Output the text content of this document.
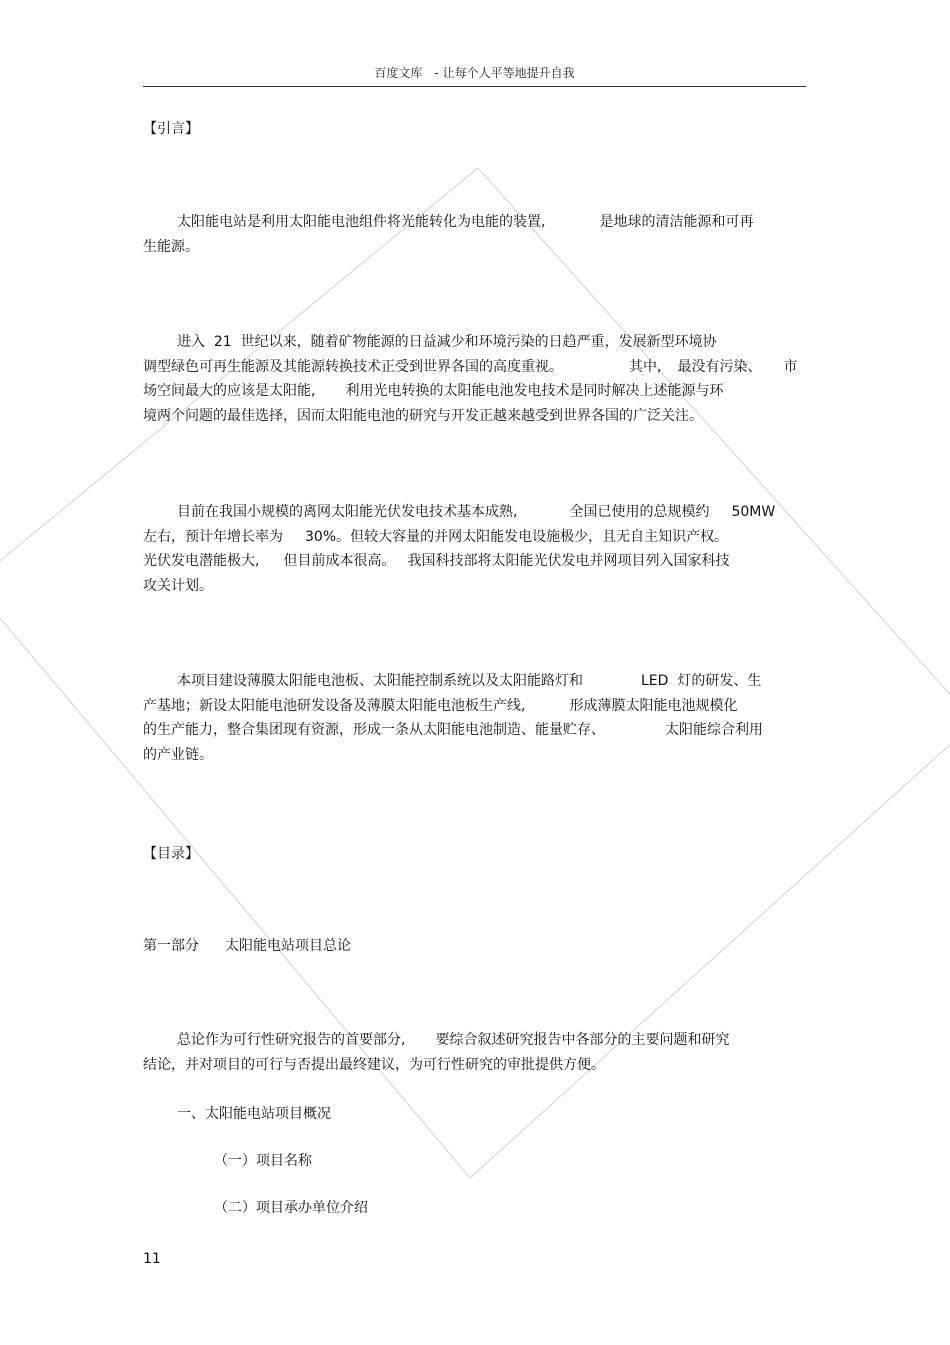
百度文库　- 让每个人平等地提升自我
【引言】
太阳能电站是利用太阳能电池组件将光能转化为电能的装置,	是地球的清洁能源和可再
生能源。
进入  21  世纪以来，随着矿物能源的日益减少和环境污染的日趋严重，发展新型环境协
调型绿色可再生能源及其能源转换技术正受到世界各国的高度重视。	其中, 最没有污染、 市
场空间最大的应该是太阳能, 利用光电转换的太阳能电池发电技术是同时解决上述能源与环
境两个问题的最佳选择，因而太阳能电池的研究与开发正越来越受到世界各国的广泛关注。
目前在我国小规模的离网太阳能光伏发电技术基本成熟,	全国已使用的总规模约 50MW
左右，预计年增长率为 30%。但较大容量的并网太阳能发电设施极少，且无自主知识产权。
光伏发电潜能极大, 但目前成本很高。 我国科技部将太阳能光伏发电并网项目列入国家科技
攻关计划。
本项目建设薄膜太阳能电池板、太阳能控制系统以及太阳能路灯和	LED  灯的研发、生
产基地；新设太阳能电池研发设备及薄膜太阳能电池板生产线,	形成薄膜太阳能电池规模化
的生产能力，整合集团现有资源，形成一条从太阳能电池制造、能量贮存、	太阳能综合利用
的产业链。
【目录】
第一部分 太阳能电站项目总论
总论作为可行性研究报告的首要部分, 要综合叙述研究报告中各部分的主要问题和研究
结论，并对项目的可行与否提出最终建议，为可行性研究的审批提供方便。
一、太阳能电站项目概况
（一）项目名称
（二）项目承办单位介绍
11
